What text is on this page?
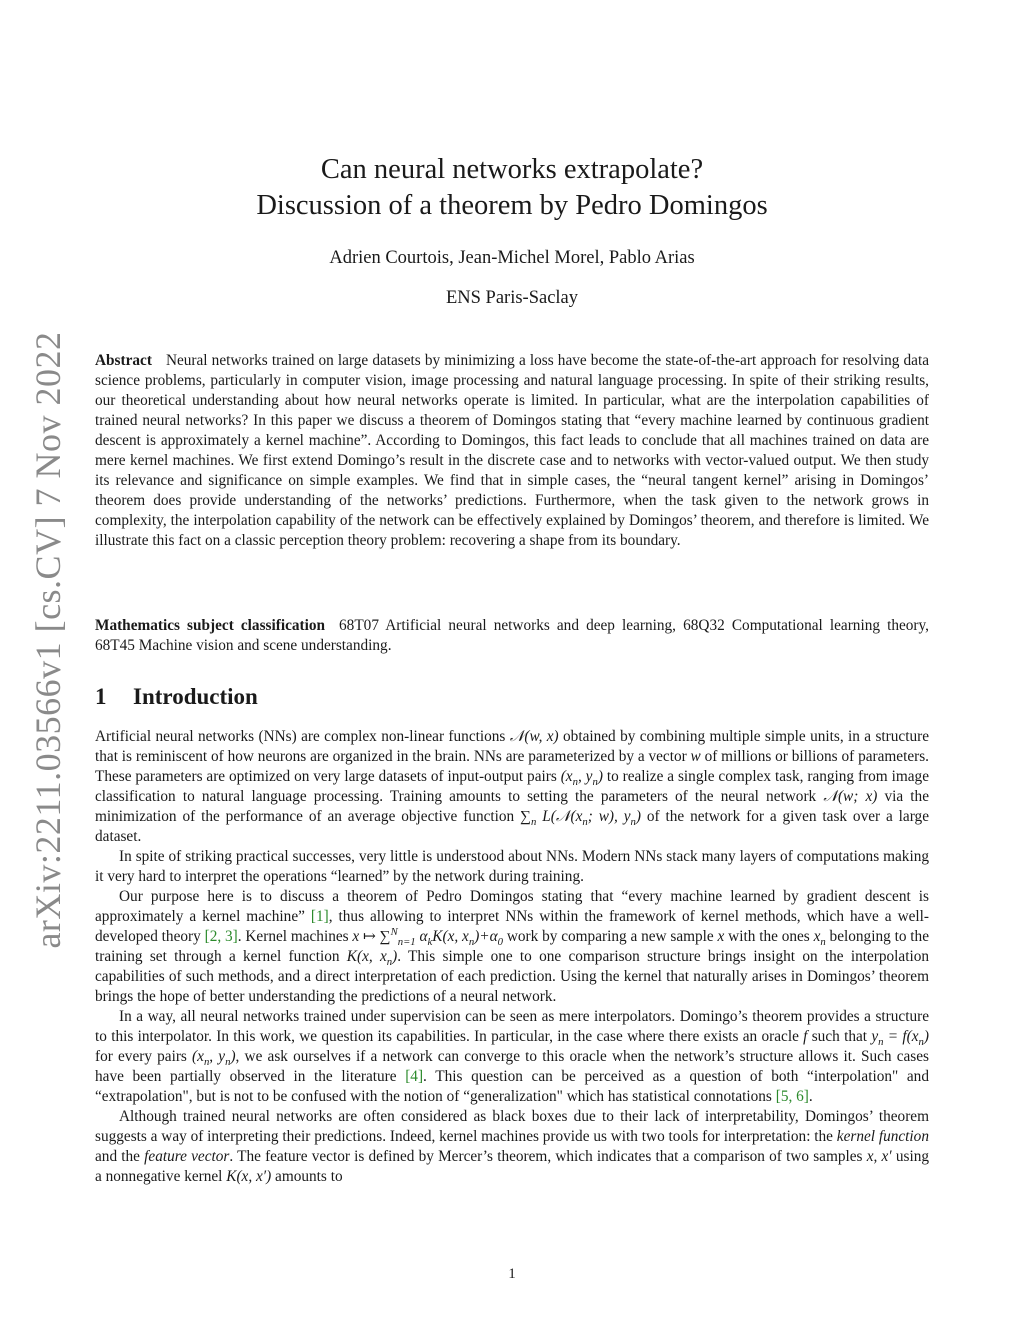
arXiv:2211.03566v1 [cs.CV] 7 Nov 2022
Can neural networks extrapolate?
Discussion of a theorem by Pedro Domingos
Adrien Courtois, Jean-Michel Morel, Pablo Arias
ENS Paris-Saclay
Abstract Neural networks trained on large datasets by minimizing a loss have become the state-of-the-art approach for resolving data science problems, particularly in computer vision, image processing and natural language processing. In spite of their striking results, our theoretical understanding about how neural networks operate is limited. In particular, what are the interpolation capabilities of trained neural networks? In this paper we discuss a theorem of Domingos stating that “every machine learned by continuous gradient descent is approximately a kernel machine”. According to Domingos, this fact leads to conclude that all machines trained on data are mere kernel machines. We first extend Domingo’s result in the discrete case and to networks with vector-valued output. We then study its relevance and significance on simple examples. We find that in simple cases, the “neural tangent kernel” arising in Domingos’ theorem does provide understanding of the networks’ predictions. Furthermore, when the task given to the network grows in complexity, the interpolation capability of the network can be effectively explained by Domingos’ theorem, and therefore is limited. We illustrate this fact on a classic perception theory problem: recovering a shape from its boundary.
Mathematics subject classification 68T07 Artificial neural networks and deep learning, 68Q32 Computational learning theory, 68T45 Machine vision and scene understanding.
1 Introduction

Artificial neural networks (NNs) are complex non-linear functions 𝒩(w, x) obtained by combining multiple simple units, in a structure that is reminiscent of how neurons are organized in the brain. NNs are parameterized by a vector w of millions or billions of parameters. These parameters are optimized on very large datasets of input-output pairs ($x_n$, $y_n$) to realize a single complex task, ranging from image classification to natural language processing. Training amounts to setting the parameters of the neural network 𝒩(w; x) via the minimization of the performance of an average objective function $\sum_n$ $L(𝒩(x_n$; w), $y_n$) of the network for a given task over a large dataset.

In spite of striking practical successes, very little is understood about NNs. Modern NNs stack many layers of computations making it very hard to interpret the operations “learned” by the network during training.

Our purpose here is to discuss a theorem of Pedro Domingos stating that “every machine learned by gradient descent is approximately a kernel machine” [1], thus allowing to interpret NNs within the framework of kernel methods, which have a well-developed theory [2, 3]. Kernel machines x ↦ ∑$^N_{n=1}$ $\alpha_kK(x$, $x_n)+\alpha_0$ work by comparing a new sample x with the ones $x_n$ belonging to the training set through a kernel function K(x, $x_n$). This simple one to one comparison structure brings insight on the interpolation capabilities of such methods, and a direct interpretation of each prediction. Using the kernel that naturally arises in Domingos’ theorem brings the hope of better understanding the predictions of a neural network.

In a way, all neural networks trained under supervision can be seen as mere interpolators. Domingo’s theorem provides a structure to this interpolator. In this work, we question its capabilities. In particular, in the case where there exists an oracle f such that $y_n = f(x_n)$ for every pairs ($x_n$, $y_n$), we ask ourselves if a network can converge to this oracle when the network’s structure allows it. Such cases have been partially observed in the literature [4]. This question can be perceived as a question of both “interpolation" and “extrapolation", but is not to be confused with the notion of “generalization" which has statistical connotations [5, 6].

Although trained neural networks are often considered as black boxes due to their lack of interpretability, Domingos’ theorem suggests a way of interpreting their predictions. Indeed, kernel machines provide us with two tools for interpretation: the kernel function and the feature vector. The feature vector is defined by Mercer’s theorem, which indicates that a comparison of two samples x, x′ using a nonnegative kernel K(x, x′) amounts to

1
